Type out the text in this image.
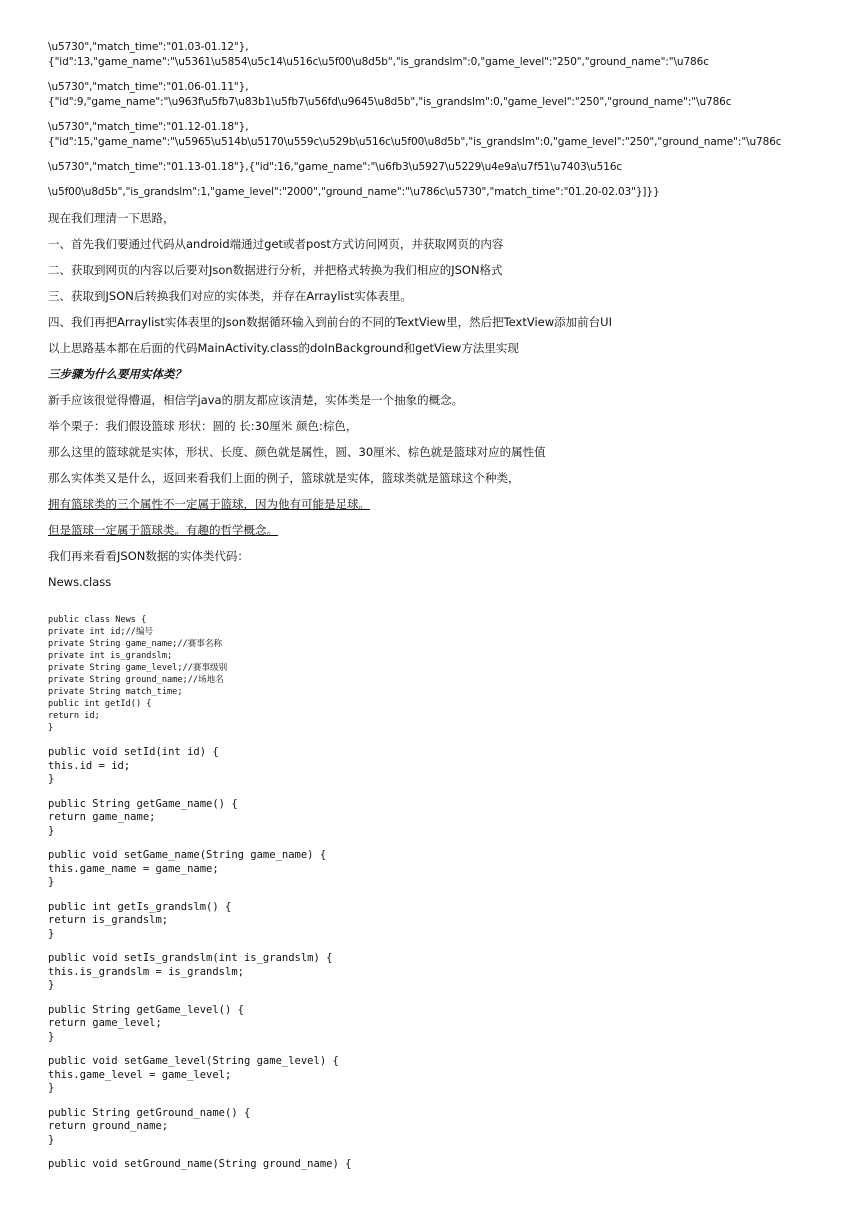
\u5730","match_time":"01.03-01.12"},
{"id":13,"game_name":"\u5361\u5854\u5c14\u516c\u5f00\u8d5b","is_grandslm":0,"game_level":"250","ground_name":"\u786c
\u5730","match_time":"01.06-01.11"},
{"id":9,"game_name":"\u963f\u5fb7\u83b1\u5fb7\u56fd\u9645\u8d5b","is_grandslm":0,"game_level":"250","ground_name":"\u786c
\u5730","match_time":"01.12-01.18"},
{"id":15,"game_name":"\u5965\u514b\u5170\u559c\u529b\u516c\u5f00\u8d5b","is_grandslm":0,"game_level":"250","ground_name":"\u786c
\u5730","match_time":"01.13-01.18"},{"id":16,"game_name":"\u6fb3\u5927\u5229\u4e9a\u7f51\u7403\u516c
\u5f00\u8d5b","is_grandslm":1,"game_level":"2000","ground_name":"\u786c\u5730","match_time":"01.20-02.03"}]}}

现在我们理清一下思路，

一、首先我们要通过代码从android端通过get或者post方式访问网页，并获取网页的内容

二、获取到网页的内容以后要对Json数据进行分析，并把格式转换为我们相应的JSON格式

三、获取到JSON后转换我们对应的实体类，并存在Arraylist实体表里。

四、我们再把Arraylist实体表里的Json数据循环输入到前台的不同的TextView里，然后把TextView添加前台UI

以上思路基本都在后面的代码MainActivity.class的doInBackground和getView方法里实现

三步骤为什么要用实体类？

新手应该很觉得懵逼，相信学java的朋友都应该清楚，实体类是一个抽象的概念。

举个栗子：我们假设篮球 形状：圆的 长:30厘米 颜色:棕色，

那么这里的篮球就是实体，形状、长度、颜色就是属性，圆、30厘米、棕色就是篮球对应的属性值

那么实体类又是什么，返回来看我们上面的例子，篮球就是实体，篮球类就是篮球这个种类，

拥有篮球类的三个属性不一定属于篮球，因为他有可能是足球。

但是篮球一定属于篮球类。有趣的哲学概念。

我们再来看看JSON数据的实体类代码：

News.class

public class News {
private int id;//编号
private String game_name;//赛事名称
private int is_grandslm;
private String game_level;//赛事级别
private String ground_name;//场地名
private String match_time;
public int getId() {
return id;
}
public void setId(int id) {
this.id = id;
}
public String getGame_name() {
return game_name;
}
public void setGame_name(String game_name) {
this.game_name = game_name;
}
public int getIs_grandslm() {
return is_grandslm;
}
public void setIs_grandslm(int is_grandslm) {
this.is_grandslm = is_grandslm;
}
public String getGame_level() {
return game_level;
}
public void setGame_level(String game_level) {
this.game_level = game_level;
}
public String getGround_name() {
return ground_name;
}
public void setGround_name(String ground_name) {
